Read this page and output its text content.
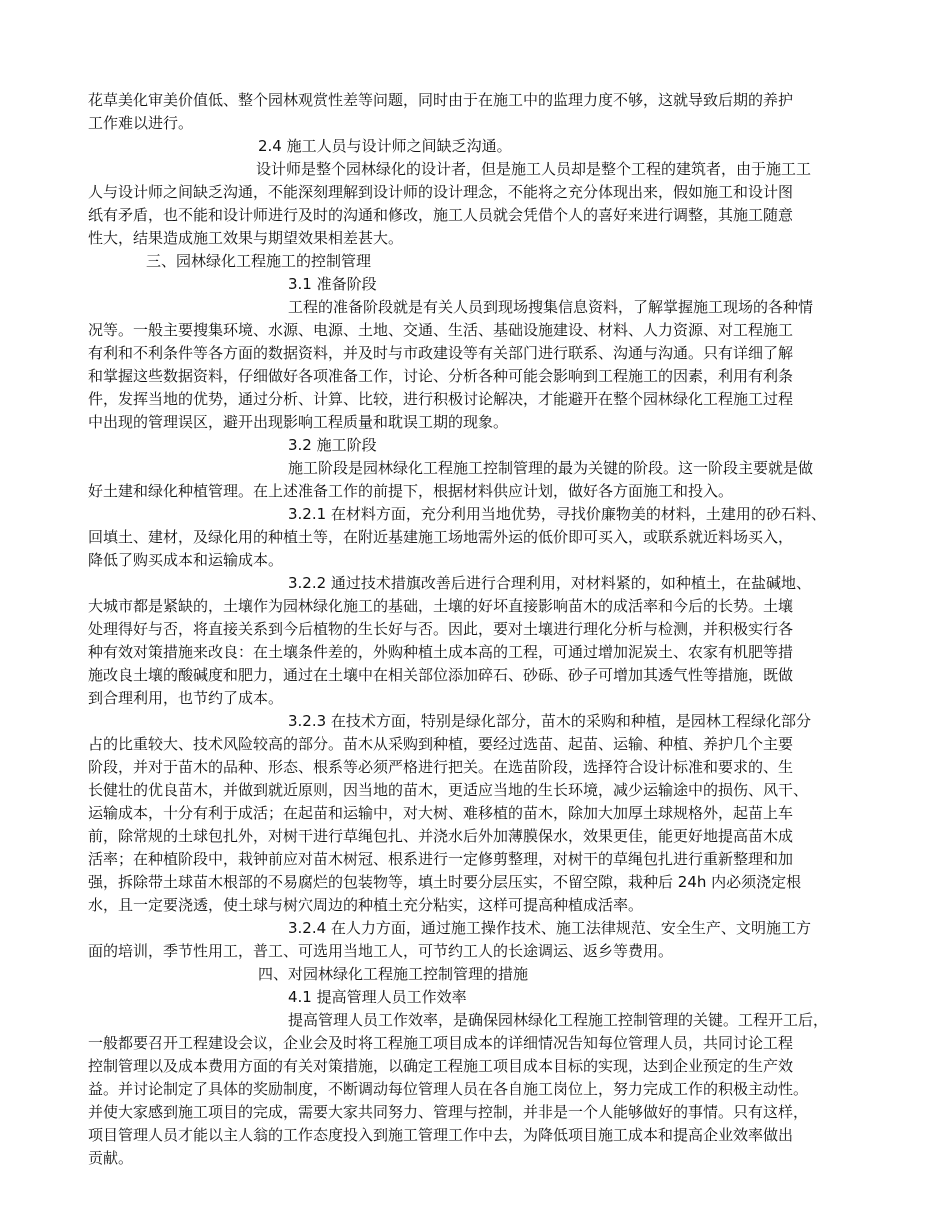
花草美化审美价值低、整个园林观赏性差等问题，同时由于在施工中的监理力度不够，这就导致后期的养护
工作难以进行。
2.4 施工人员与设计师之间缺乏沟通。
设计师是整个园林绿化的设计者，但是施工人员却是整个工程的建筑者，由于施工工
人与设计师之间缺乏沟通，不能深刻理解到设计师的设计理念，不能将之充分体现出来，假如施工和设计图
纸有矛盾，也不能和设计师进行及时的沟通和修改，施工人员就会凭借个人的喜好来进行调整，其施工随意
性大，结果造成施工效果与期望效果相差甚大。
三、园林绿化工程施工的控制管理
3.1 准备阶段
工程的准备阶段就是有关人员到现场搜集信息资料，了解掌握施工现场的各种情
况等。一般主要搜集环境、水源、电源、土地、交通、生活、基础设施建设、材料、人力资源、对工程施工
有利和不利条件等各方面的数据资料，并及时与市政建设等有关部门进行联系、沟通与沟通。只有详细了解
和掌握这些数据资料，仔细做好各项准备工作，讨论、分析各种可能会影响到工程施工的因素，利用有利条
件，发挥当地的优势，通过分析、计算、比较，进行积极讨论解决，才能避开在整个园林绿化工程施工过程
中出现的管理误区，避开出现影响工程质量和耽误工期的现象。
3.2 施工阶段
施工阶段是园林绿化工程施工控制管理的最为关键的阶段。这一阶段主要就是做
好土建和绿化种植管理。在上述准备工作的前提下，根据材料供应计划，做好各方面施工和投入。
3.2.1 在材料方面，充分利用当地优势，寻找价廉物美的材料，土建用的砂石料、
回填土、建材，及绿化用的种植土等，在附近基建施工场地需外运的低价即可买入，或联系就近料场买入，
降低了购买成本和运输成本。
3.2.2 通过技术措旗改善后进行合理利用，对材料紧的，如种植土，在盐碱地、
大城市都是紧缺的，土壤作为园林绿化施工的基础，土壤的好坏直接影响苗木的成活率和今后的长势。土壤
处理得好与否，将直接关系到今后植物的生长好与否。因此，要对土壤进行理化分析与检测，并积极实行各
种有效对策措施来改良：在土壤条件差的，外购种植土成本高的工程，可通过增加泥炭土、农家有机肥等措
施改良土壤的酸碱度和肥力，通过在土壤中在相关部位添加碎石、砂砾、砂子可增加其透气性等措施，既做
到合理利用，也节约了成本。
3.2.3 在技术方面，特别是绿化部分，苗木的采购和种植，是园林工程绿化部分
占的比重较大、技术风险较高的部分。苗木从采购到种植，要经过选苗、起苗、运输、种植、养护几个主要
阶段，并对于苗木的品种、形态、根系等必须严格进行把关。在选苗阶段，选择符合设计标准和要求的、生
长健壮的优良苗木，并做到就近原则，因当地的苗木，更适应当地的生长环境，减少运输途中的损伤、风干、
运输成本，十分有利于成活；在起苗和运输中，对大树、难移植的苗木，除加大加厚土球规格外，起苗上车
前，除常规的土球包扎外，对树干进行草绳包扎、并浇水后外加薄膜保水，效果更佳，能更好地提高苗木成
活率；在种植阶段中，栽钟前应对苗木树冠、根系进行一定修剪整理，对树干的草绳包扎进行重新整理和加
强，拆除带土球苗木根部的不易腐烂的包装物等，填土时要分层压实，不留空隙，栽种后 24h 内必须浇定根
水，且一定要浇透，使土球与树穴周边的种植土充分粘实，这样可提高种植成活率。
3.2.4 在人力方面，通过施工操作技术、施工法律规范、安全生产、文明施工方
面的培训，季节性用工，普工、可选用当地工人，可节约工人的长途调运、返乡等费用。
四、对园林绿化工程施工控制管理的措施
4.1 提高管理人员工作效率
提高管理人员工作效率，是确保园林绿化工程施工控制管理的关键。工程开工后，
一般都要召开工程建设会议，企业会及时将工程施工项目成本的详细情况告知每位管理人员，共同讨论工程
控制管理以及成本费用方面的有关对策措施，以确定工程施工项目成本目标的实现，达到企业预定的生产效
益。并讨论制定了具体的奖励制度，不断调动每位管理人员在各自施工岗位上，努力完成工作的积极主动性。
并使大家感到施工项目的完成，需要大家共同努力、管理与控制，并非是一个人能够做好的事情。只有这样，
项目管理人员才能以主人翁的工作态度投入到施工管理工作中去，为降低项目施工成本和提高企业效率做出
贡献。
